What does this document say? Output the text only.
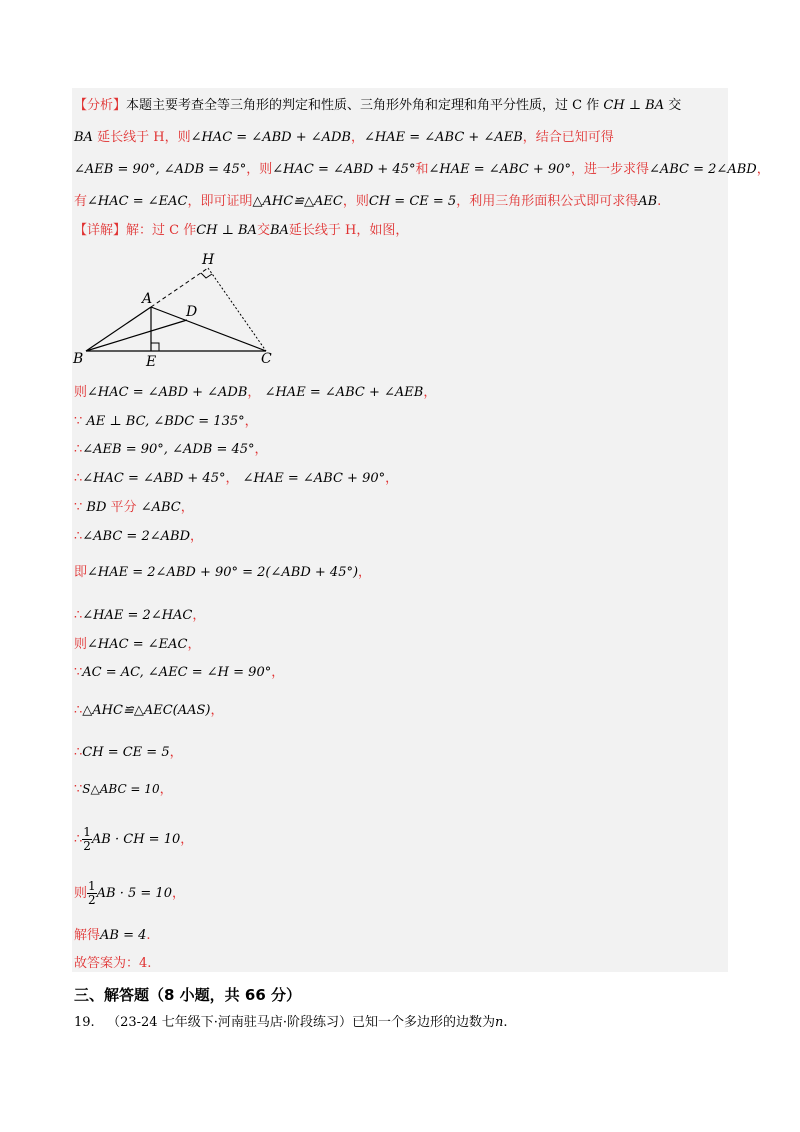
【分析】本题主要考查全等三角形的判定和性质、三角形外角和定理和角平分性质，过 C 作 CH ⊥ BA 交
BA 延长线于 H，则∠HAC = ∠ABD + ∠ADB，∠HAE = ∠ABC + ∠AEB，结合已知可得
∠AEB = 90°, ∠ADB = 45°，则∠HAC = ∠ABD + 45°和∠HAE = ∠ABC + 90°，进一步求得∠ABC = 2∠ABD，
有∠HAC = ∠EAC，即可证明△AHC≌△AEC，则CH = CE = 5，利用三角形面积公式即可求得AB.
【详解】解：过 C 作CH ⊥ BA交BA延长线于 H，如图，
H
A
D
B	E	C
则∠HAC = ∠ABD + ∠ADB， ∠HAE = ∠ABC + ∠AEB，
∵ AE ⊥ BC, ∠BDC = 135°，
∴∠AEB = 90°, ∠ADB = 45°，
∴∠HAC = ∠ABD + 45°， ∠HAE = ∠ABC + 90°，
∵ BD 平分 ∠ABC，
∴∠ABC = 2∠ABD，
即∠HAE = 2∠ABD + 90° = 2(∠ABD + 45°)，
∴∠HAE = 2∠HAC，
则∠HAC = ∠EAC，
∵AC = AC, ∠AEC = ∠H = 90°，
∴△AHC≌△AEC(AAS)，
∴CH = CE = 5，
∵S△ABC = 10，
∴ $\frac{1}{2}$ AB · CH = 10，
则 $\frac{1}{2}$ AB · 5 = 10，
解得AB = 4.
故答案为：4.
三、解答题（8 小题，共 66 分）
19. （23-24 七年级下·河南驻马店·阶段练习）已知一个多边形的边数为n.
